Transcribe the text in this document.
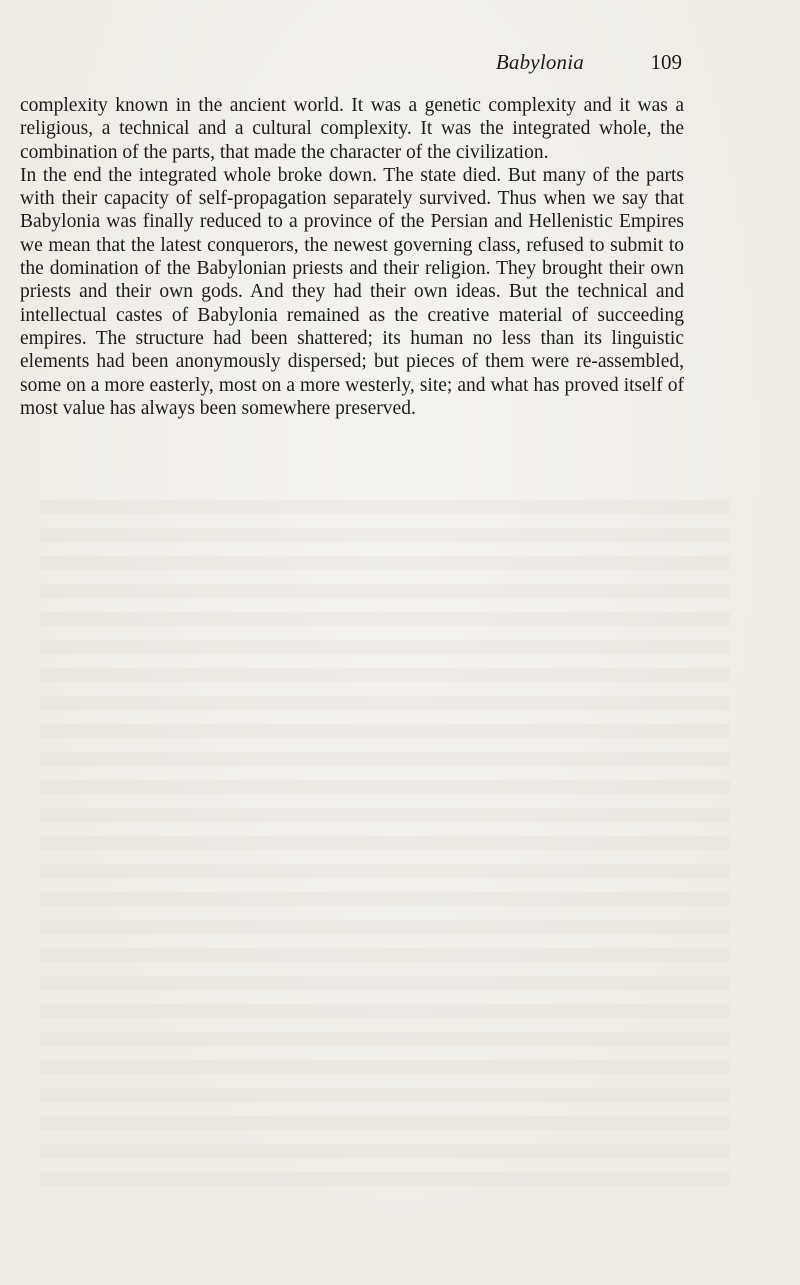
Babylonia	109

complexity known in the ancient world. It was a genetic complexity and it was a religious, a technical and a cultural complexity. It was the integrated whole, the combination of the parts, that made the character of the civilization.

In the end the integrated whole broke down. The state died. But many of the parts with their capacity of self-propagation separately survived. Thus when we say that Babylonia was finally reduced to a province of the Persian and Hellenistic Empires we mean that the latest conquerors, the newest governing class, refused to submit to the domination of the Babylonian priests and their religion. They brought their own priests and their own gods. And they had their own ideas. But the technical and intellectual castes of Babylonia remained as the creative material of succeeding empires. The structure had been shattered; its human no less than its linguistic elements had been anonymously dispersed; but pieces of them were re-assembled, some on a more easterly, most on a more westerly, site; and what has proved itself of most value has always been somewhere preserved.
